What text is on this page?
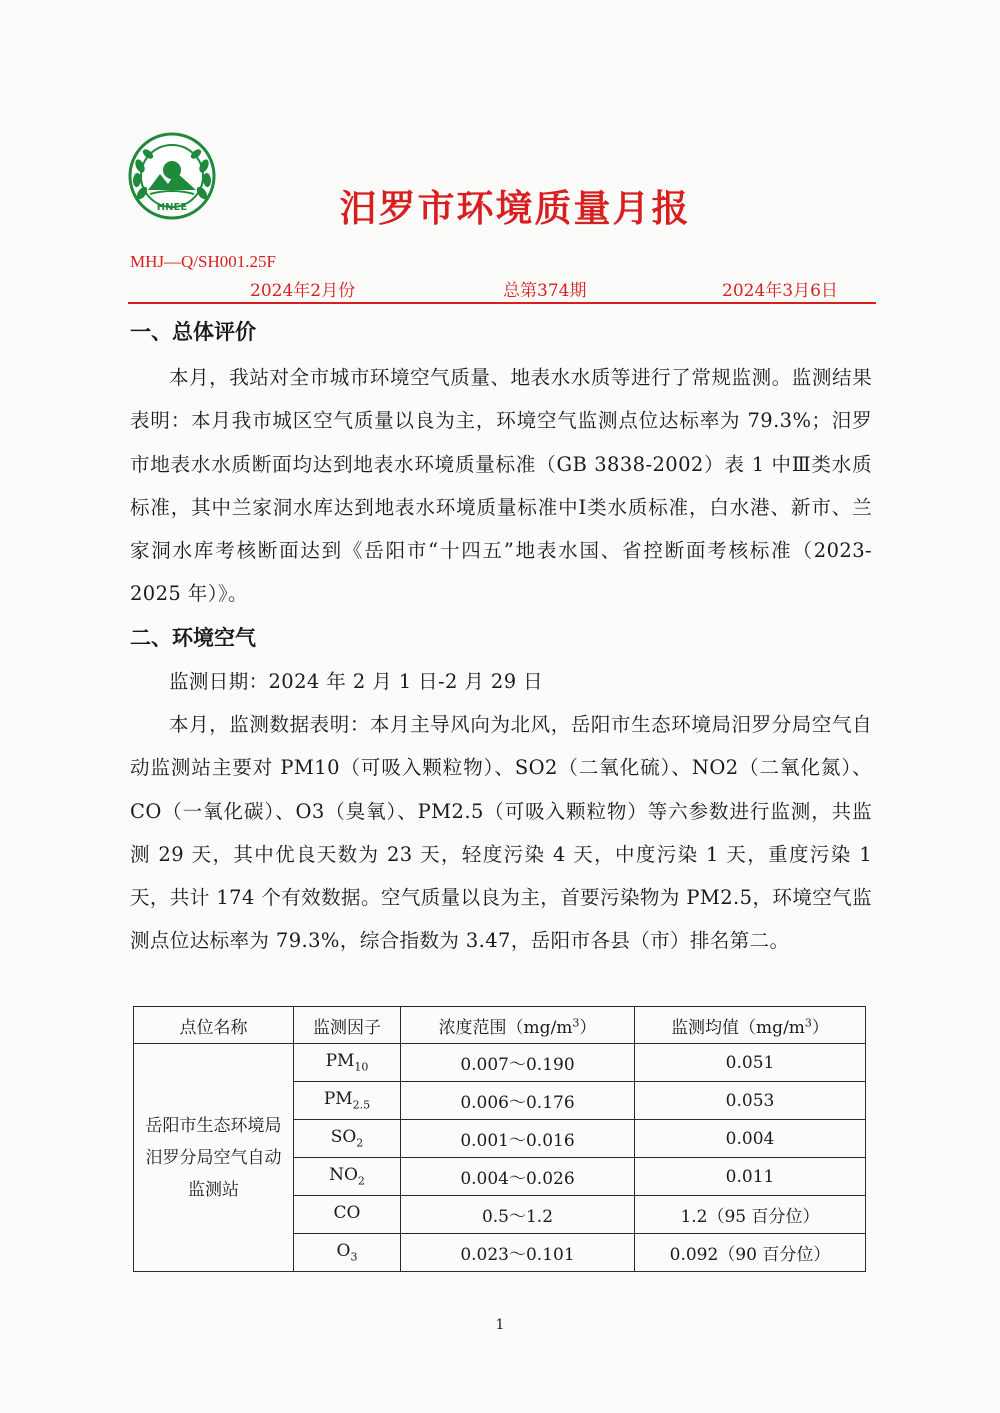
HNEE	汨罗市环境质量月报
MHJ—Q/SH001.25F
2024年2月份	总第374期	2024年3月6日
一、总体评价
本月，我站对全市城市环境空气质量、地表水水质等进行了常规监测。监测结果表明：本月我市城区空气质量以良为主，环境空气监测点位达标率为 79.3%；汨罗市地表水水质断面均达到地表水环境质量标准（GB 3838-2002）表 1 中Ⅲ类水质标准，其中兰家洞水库达到地表水环境质量标准中Ⅰ类水质标准，白水港、新市、兰家洞水库考核断面达到《岳阳市“十四五”地表水国、省控断面考核标准（2023-2025 年）》。
二、环境空气
监测日期：2024 年 2 月 1 日-2 月 29 日
本月，监测数据表明：本月主导风向为北风，岳阳市生态环境局汨罗分局空气自动监测站主要对 PM10（可吸入颗粒物）、SO2（二氧化硫）、NO2（二氧化氮）、CO（一氧化碳）、O3（臭氧）、PM2.5（可吸入颗粒物）等六参数进行监测，共监测 29 天，其中优良天数为 23 天，轻度污染 4 天，中度污染 1 天，重度污染 1 天，共计 174 个有效数据。空气质量以良为主，首要污染物为 PM2.5，环境空气监测点位达标率为 79.3%，综合指数为 3.47，岳阳市各县（市）排名第二。
点位名称	监测因子	浓度范围$(mg/m^3)$	监测均值$(mg/m^3)$
岳阳市生态环境局汨罗分局空气自动监测站	$PM_{10}$	0.007～0.190	0.051
	$PM_{2.5}$	0.006～0.176	0.053
	$SO_2$	0.001～0.016	0.004
	$NO_2$	0.004～0.026	0.011
	CO	0.5～1.2	1.2（95 百分位）
	$O_3$	0.023～0.101	0.092（90 百分位）
1
